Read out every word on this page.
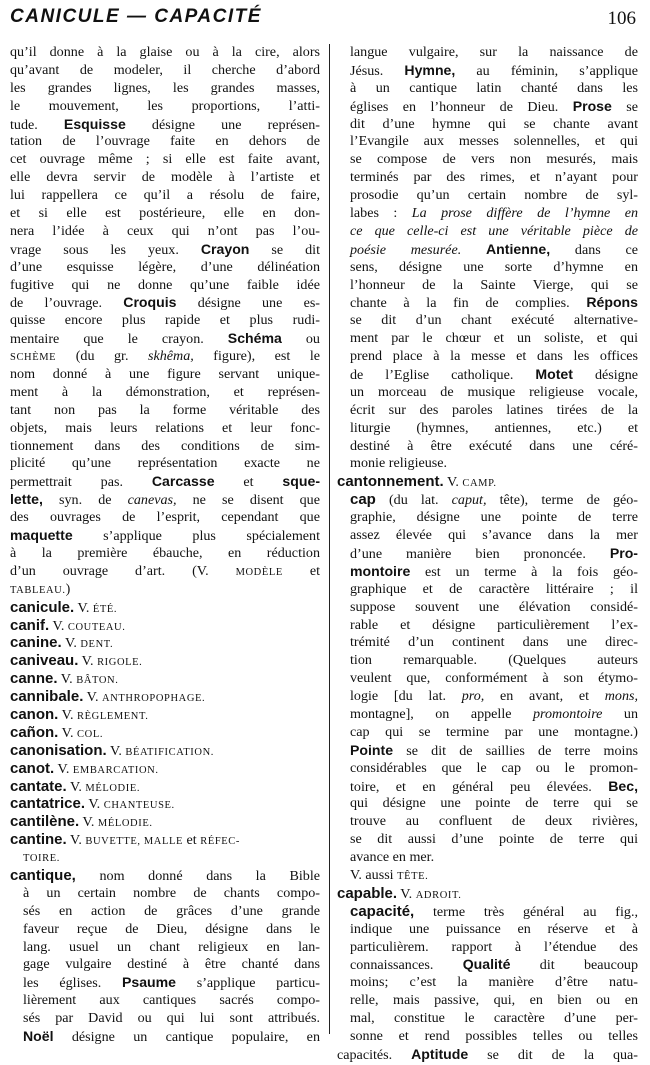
CANICULE — CAPACITÉ	106
qu’il donne à la glaise ou à la cire, alors
qu’avant de modeler, il cherche d’abord
les grandes lignes, les grandes masses,
le mouvement, les proportions, l’atti-
tude. Esquisse désigne une représen-
tation de l’ouvrage faite en dehors de
cet ouvrage même ; si elle est faite avant,
elle devra servir de modèle à l’artiste et
lui rappellera ce qu’il a résolu de faire,
et si elle est postérieure, elle en don-
nera l’idée à ceux qui n’ont pas l’ou-
vrage sous les yeux. Crayon se dit
d’une esquisse légère, d’une délinéation
fugitive qui ne donne qu’une faible idée
de l’ouvrage. Croquis désigne une es-
quisse encore plus rapide et plus rudi-
mentaire que le crayon. Schéma ou
SCHÈME (du gr. skhêma, figure), est le
nom donné à une figure servant unique-
ment à la démonstration, et représen-
tant non pas la forme véritable des
objets, mais leurs relations et leur fonc-
tionnement dans des conditions de sim-
plicité qu’une représentation exacte ne
permettrait pas. Carcasse et sque-
lette, syn. de canevas, ne se disent que
des ouvrages de l’esprit, cependant que
maquette s’applique plus spécialement
à la première ébauche, en réduction
d’un ouvrage d’art. (V. MODÈLE et
TABLEAU.)
canicule. V. ÉTÉ.
canif. V. COUTEAU.
canine. V. DENT.
caniveau. V. RIGOLE.
canne. V. BÂTON.
cannibale. V. ANTHROPOPHAGE.
canon. V. RÈGLEMENT.
cañon. V. COL.
canonisation. V. BÉATIFICATION.
canot. V. EMBARCATION.
cantate. V. MÉLODIE.
cantatrice. V. CHANTEUSE.
cantilène. V. MÉLODIE.
cantine. V. BUVETTE, MALLE et RÉFEC-
TOIRE.
cantique, nom donné dans la Bible
à un certain nombre de chants compo-
sés en action de grâces d’une grande
faveur reçue de Dieu, désigne dans le
lang. usuel un chant religieux en lan-
gage vulgaire destiné à être chanté dans
les églises. Psaume s’applique particu-
lièrement aux cantiques sacrés compo-
sés par David ou qui lui sont attribués.
Noël désigne un cantique populaire, en
langue vulgaire, sur la naissance de
Jésus. Hymne, au féminin, s’applique
à un cantique latin chanté dans les
églises en l’honneur de Dieu. Prose se
dit d’une hymne qui se chante avant
l’Evangile aux messes solennelles, et qui
se compose de vers non mesurés, mais
terminés par des rimes, et n’ayant pour
prosodie qu’un certain nombre de syl-
labes : La prose diffère de l’hymne en
ce que celle-ci est une véritable pièce de
poésie mesurée. Antienne, dans ce
sens, désigne une sorte d’hymne en
l’honneur de la Sainte Vierge, qui se
chante à la fin de complies. Répons
se dit d’un chant exécuté alternative-
ment par le chœur et un soliste, et qui
prend place à la messe et dans les offices
de l’Eglise catholique. Motet désigne
un morceau de musique religieuse vocale,
écrit sur des paroles latines tirées de la
liturgie (hymnes, antiennes, etc.) et
destiné à être exécuté dans une céré-
monie religieuse.
cantonnement. V. CAMP.
cap (du lat. caput, tête), terme de géo-
graphie, désigne une pointe de terre
assez élevée qui s’avance dans la mer
d’une manière bien prononcée. Pro-
montoire est un terme à la fois géo-
graphique et de caractère littéraire ; il
suppose souvent une élévation considé-
rable et désigne particulièrement l’ex-
trémité d’un continent dans une direc-
tion remarquable. (Quelques auteurs
veulent que, conformément à son étymo-
logie [du lat. pro, en avant, et mons,
montagne], on appelle promontoire un
cap qui se termine par une montagne.)
Pointe se dit de saillies de terre moins
considérables que le cap ou le promon-
toire, et en général peu élevées. Bec,
qui désigne une pointe de terre qui se
trouve au confluent de deux rivières,
se dit aussi d’une pointe de terre qui
avance en mer.
V. aussi TÊTE.
capable. V. ADROIT.
capacité, terme très général au fig.,
indique une puissance en réserve et à
particulièrem. rapport à l’étendue des
connaissances. Qualité dit beaucoup
moins; c’est la manière d’être natu-
relle, mais passive, qui, en bien ou en
mal, constitue le caractère d’une per-
sonne et rend possibles telles ou telles
capacités. Aptitude se dit de la qua-
